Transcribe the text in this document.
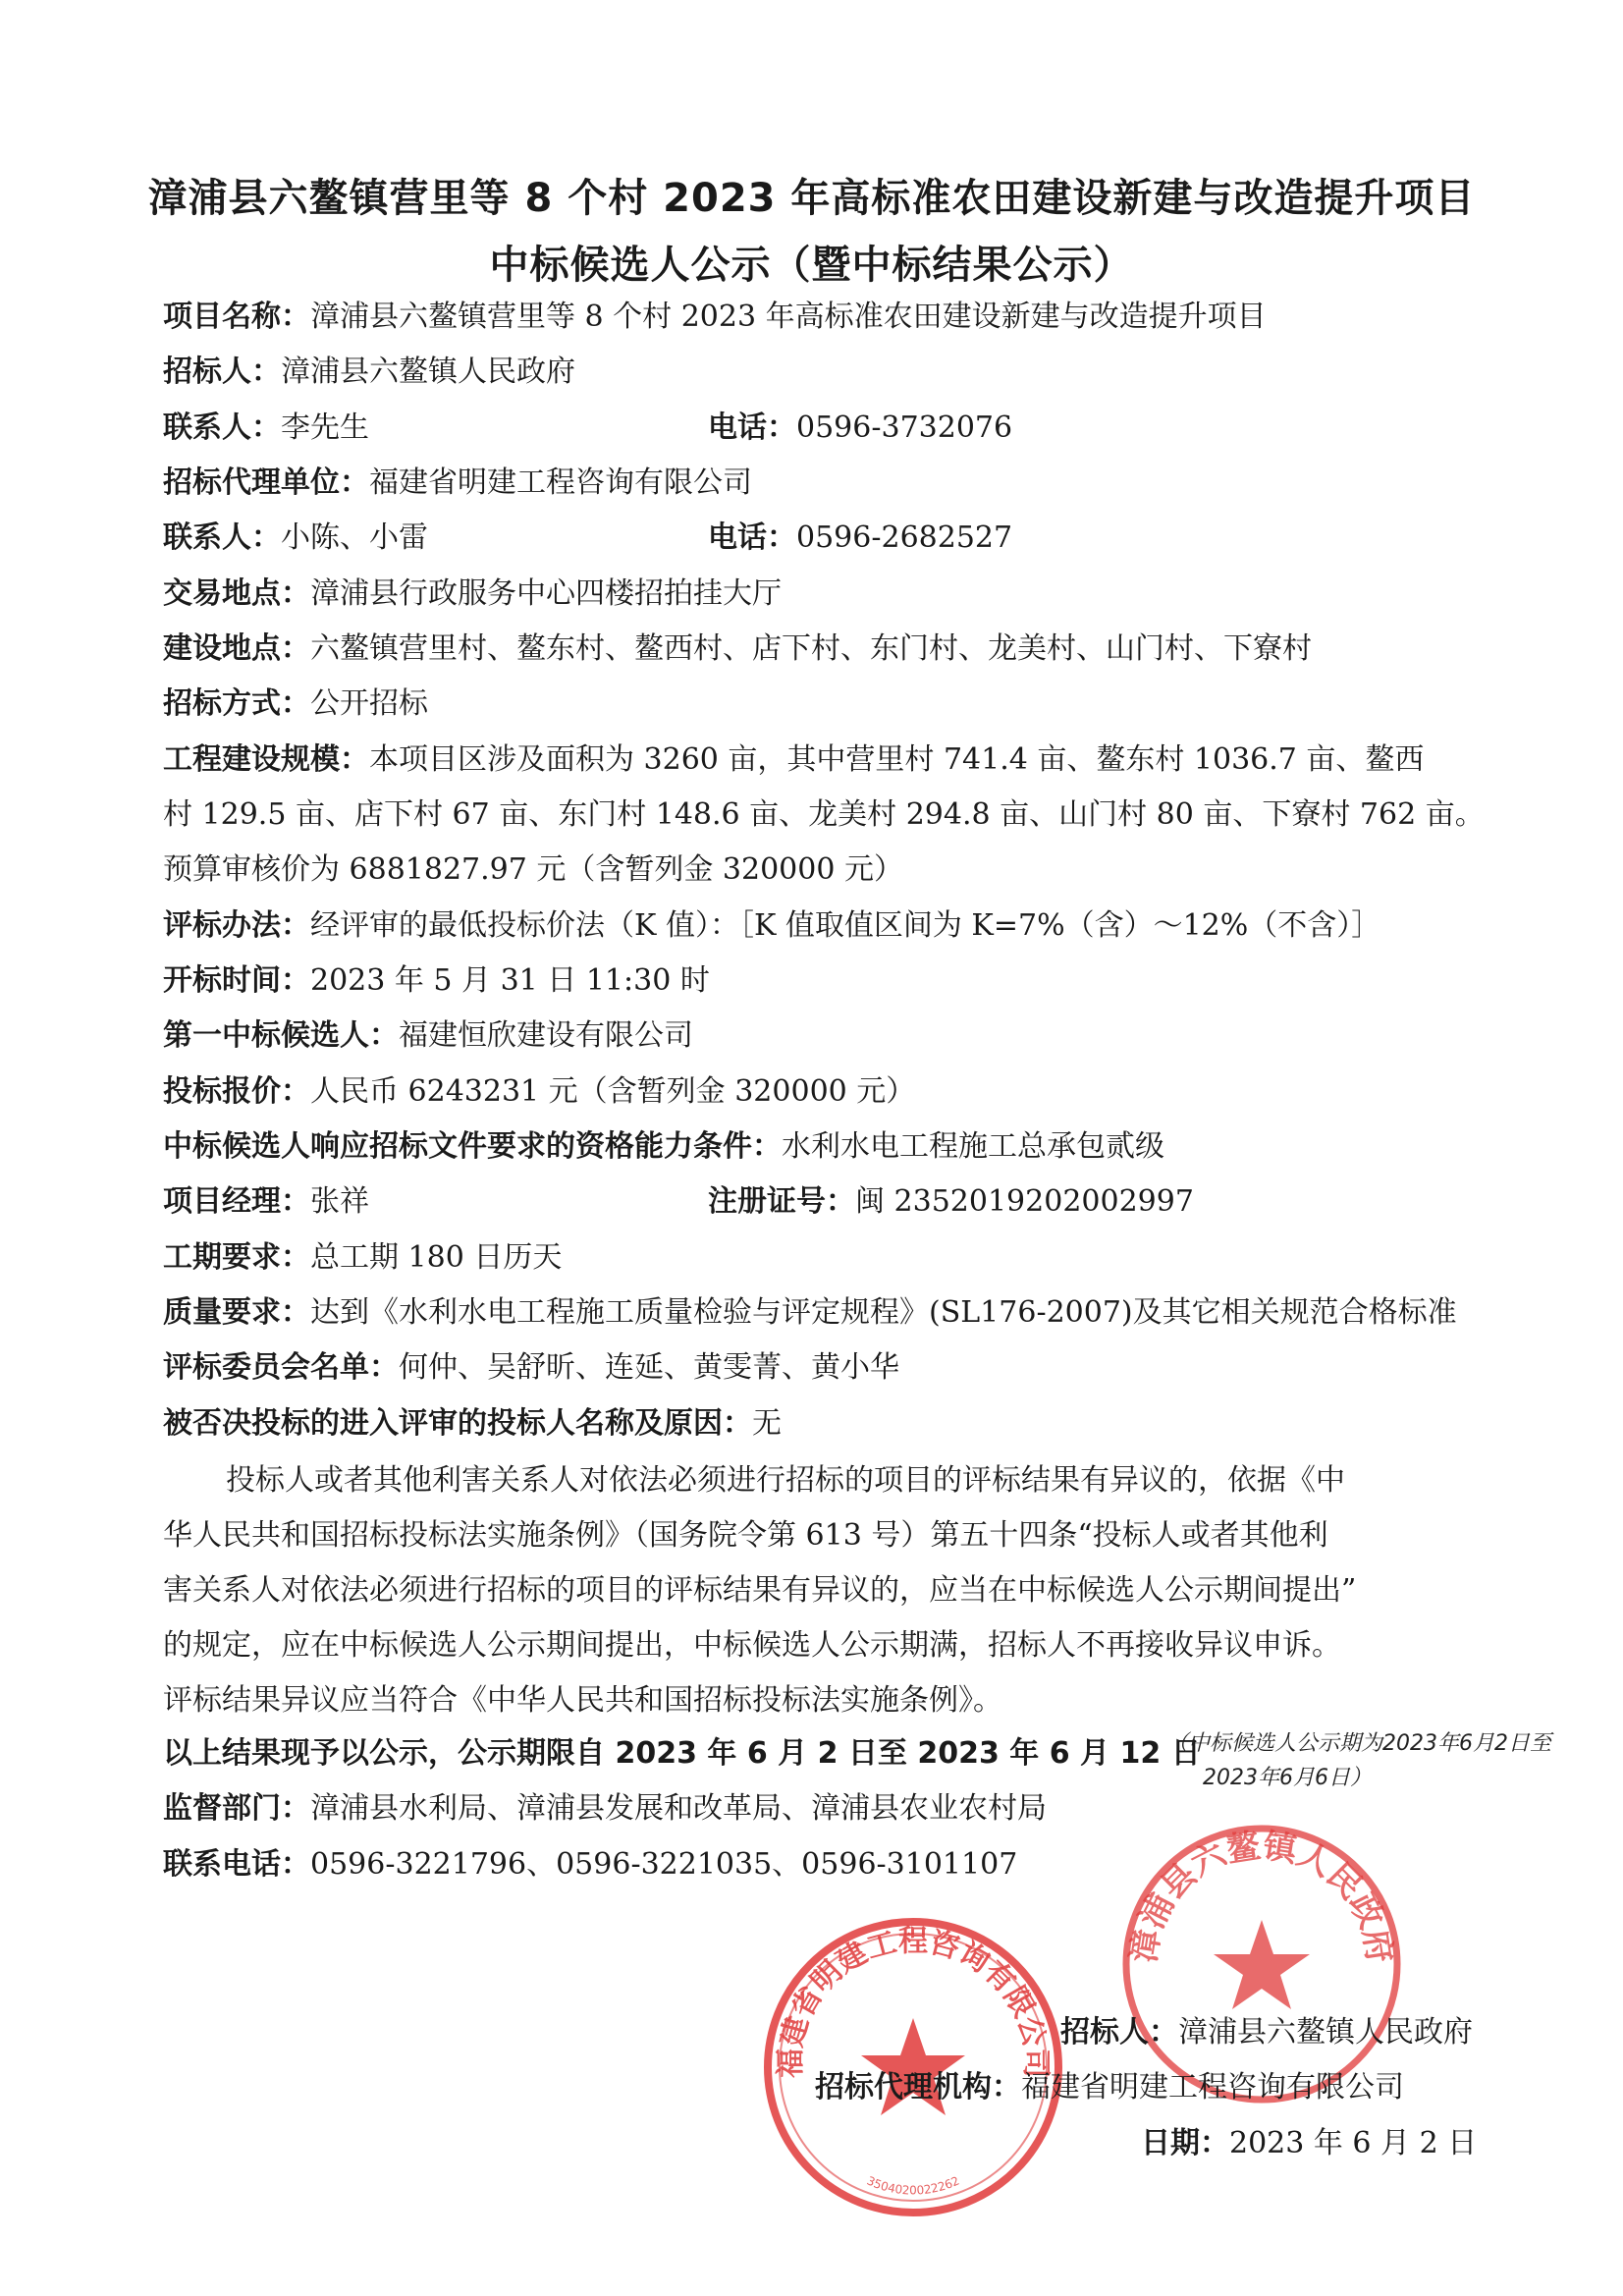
漳浦县六鳌镇营里等 8 个村 2023 年高标准农田建设新建与改造提升项目
中标候选人公示（暨中标结果公示）
项目名称：漳浦县六鳌镇营里等 8 个村 2023 年高标准农田建设新建与改造提升项目
招标人：漳浦县六鳌镇人民政府
联系人：李先生	电话：0596-3732076
招标代理单位：福建省明建工程咨询有限公司
联系人：小陈、小雷	电话：0596-2682527
交易地点：漳浦县行政服务中心四楼招拍挂大厅
建设地点：六鳌镇营里村、鳌东村、鳌西村、店下村、东门村、龙美村、山门村、下寮村
招标方式：公开招标
工程建设规模：本项目区涉及面积为 3260 亩，其中营里村 741.4 亩、鳌东村 1036.7 亩、鳌西
村 129.5 亩、店下村 67 亩、东门村 148.6 亩、龙美村 294.8 亩、山门村 80 亩、下寮村 762 亩。
预算审核价为 6881827.97 元（含暂列金 320000 元）
评标办法：经评审的最低投标价法（K 值）：［K 值取值区间为 K=7%（含）～12%（不含）］
开标时间：2023 年 5 月 31 日 11:30 时
第一中标候选人：福建恒欣建设有限公司
投标报价：人民币 6243231 元（含暂列金 320000 元）
中标候选人响应招标文件要求的资格能力条件：水利水电工程施工总承包贰级
项目经理：张祥	注册证号：闽 2352019202002997
工期要求：总工期 180 日历天
质量要求：达到《水利水电工程施工质量检验与评定规程》(SL176-2007)及其它相关规范合格标准
评标委员会名单：何仲、吴舒昕、连延、黄雯菁、黄小华
被否决投标的进入评审的投标人名称及原因：无
投标人或者其他利害关系人对依法必须进行招标的项目的评标结果有异议的，依据《中
华人民共和国招标投标法实施条例》（国务院令第 613 号）第五十四条“投标人或者其他利
害关系人对依法必须进行招标的项目的评标结果有异议的，应当在中标候选人公示期间提出”
的规定，应在中标候选人公示期间提出，中标候选人公示期满，招标人不再接收异议申诉。
评标结果异议应当符合《中华人民共和国招标投标法实施条例》。
以上结果现予以公示，公示期限自 2023 年 6 月 2 日至 2023 年 6 月 12 日
（中标候选人公示期为2023年6月2日至
2023年6月6日）
监督部门：漳浦县水利局、漳浦县发展和改革局、漳浦县农业农村局
联系电话：0596-3221796、0596-3221035、0596-3101107
福建省明建工程咨询有限公司
3504020022262
漳浦县六鳌镇人民政府
招标人：漳浦县六鳌镇人民政府
招标代理机构：福建省明建工程咨询有限公司
日期：2023 年 6 月 2 日
